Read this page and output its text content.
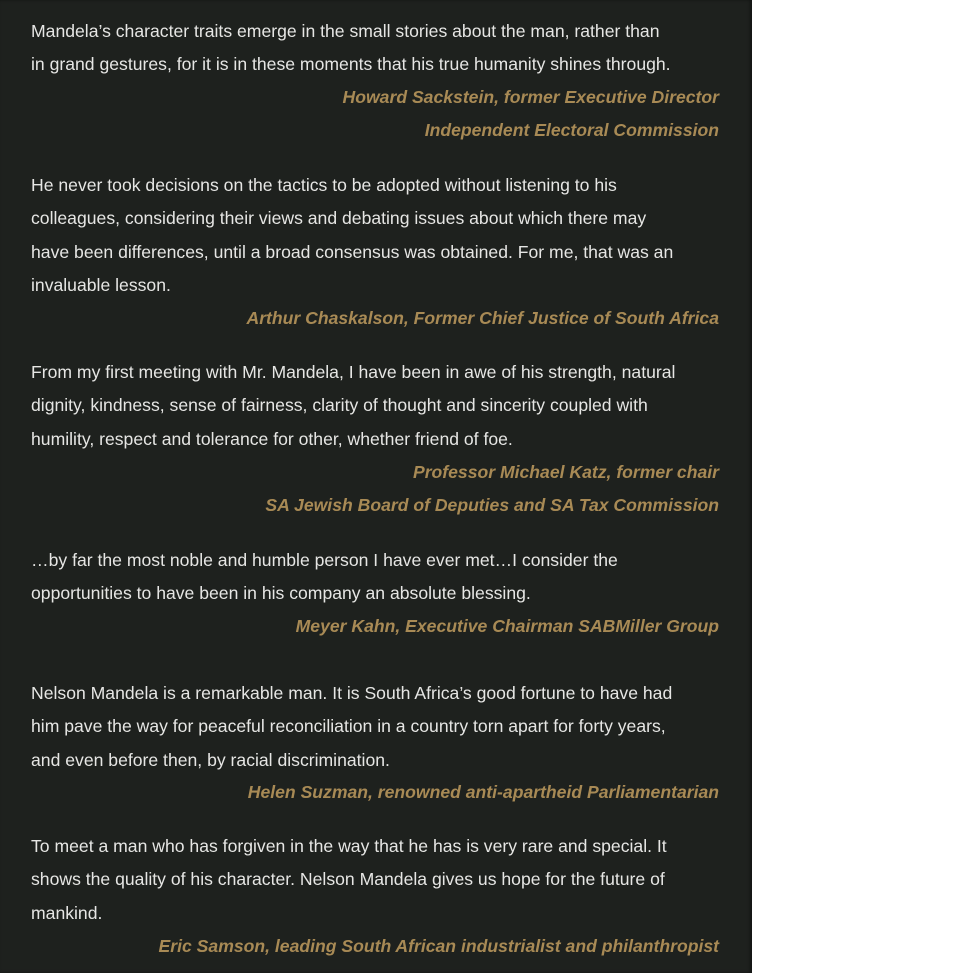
Mandela’s character traits emerge in the small stories about the man, rather than
in grand gestures, for it is in these moments that his true humanity shines through.

Howard Sackstein, former Executive Director
Independent Electoral Commission

He never took decisions on the tactics to be adopted without listening to his
colleagues, considering their views and debating issues about which there may
have been differences, until a broad consensus was obtained. For me, that was an
invaluable lesson.

Arthur Chaskalson, Former Chief Justice of South Africa

From my first meeting with Mr. Mandela, I have been in awe of his strength, natural
dignity, kindness, sense of fairness, clarity of thought and sincerity coupled with
humility, respect and tolerance for other, whether friend of foe.

Professor Michael Katz, former chair
SA Jewish Board of Deputies and SA Tax Commission

…by far the most noble and humble person I have ever met…I consider the
opportunities to have been in his company an absolute blessing.

Meyer Kahn, Executive Chairman SABMiller Group

Nelson Mandela is a remarkable man. It is South Africa’s good fortune to have had
him pave the way for peaceful reconciliation in a country torn apart for forty years,
and even before then, by racial discrimination.

Helen Suzman, renowned anti-apartheid Parliamentarian

To meet a man who has forgiven in the way that he has is very rare and special. It
shows the quality of his character. Nelson Mandela gives us hope for the future of
mankind.

Eric Samson, leading South African industrialist and philanthropist
